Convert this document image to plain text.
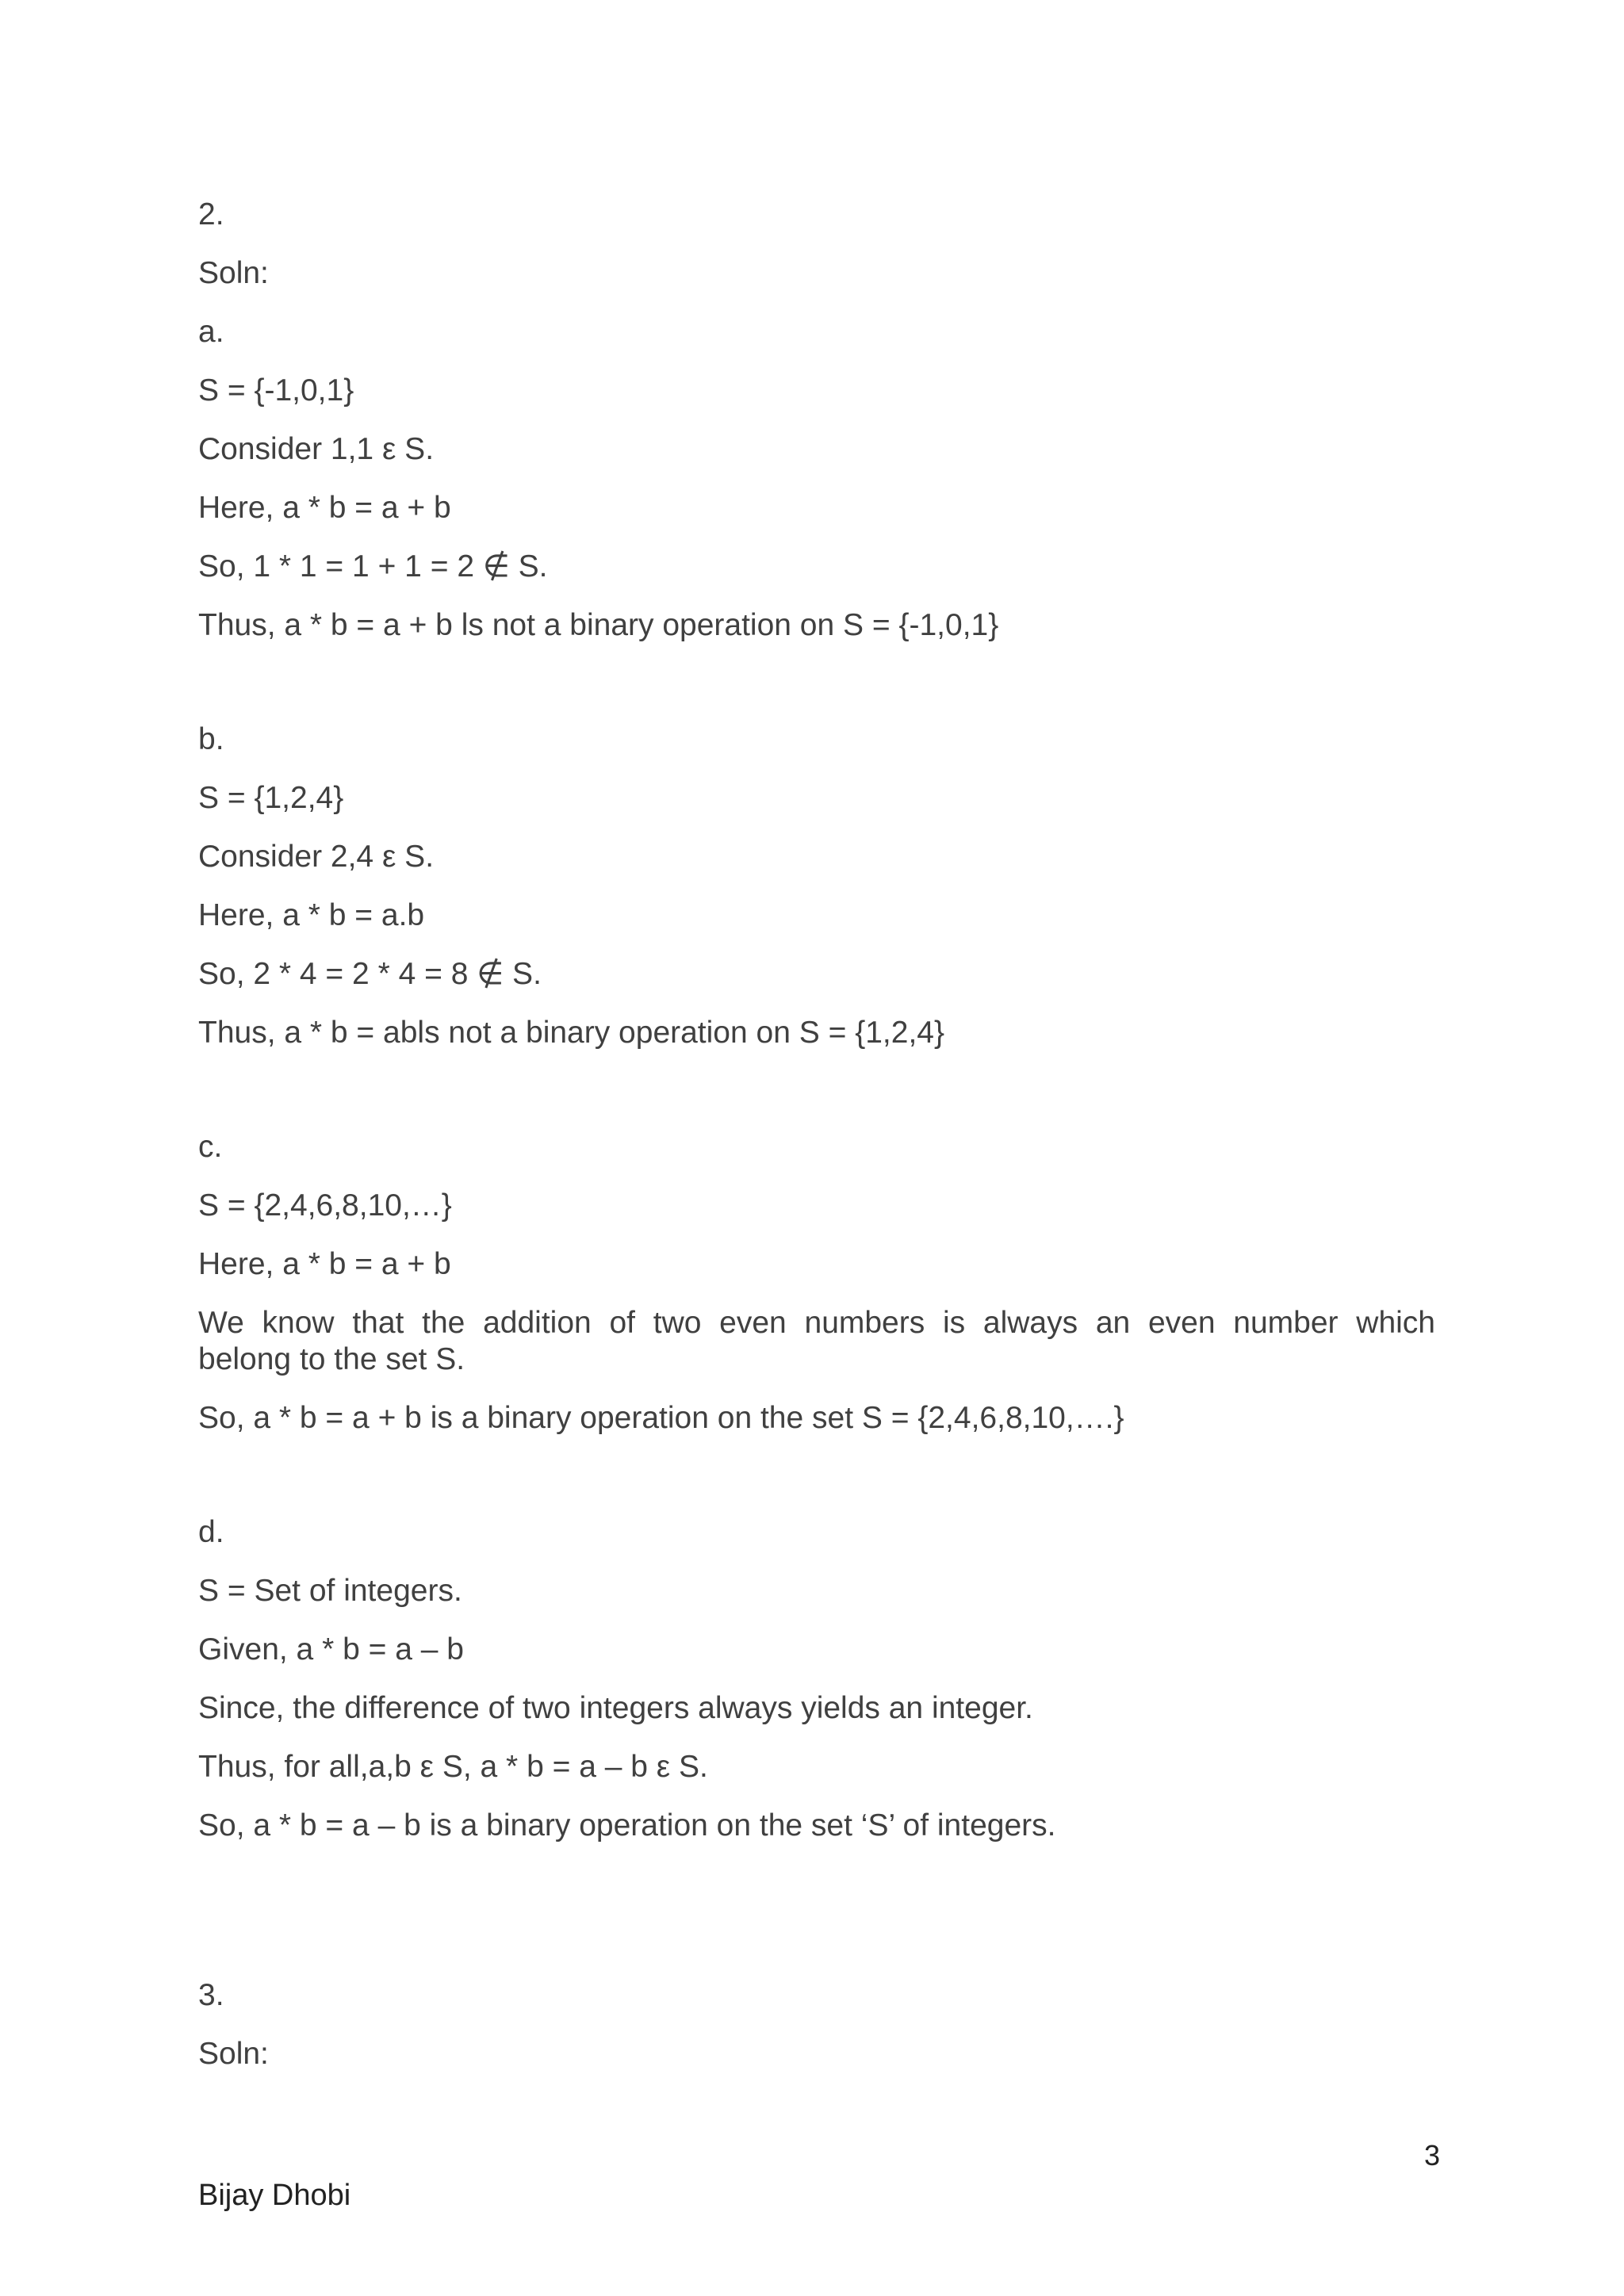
2.
Soln:
a.
S = {-1,0,1}
Consider 1,1 ε S.
Here, a * b = a + b
So, 1 * 1 = 1 + 1 = 2 ∉ S.
Thus, a * b = a + b ls not a binary operation on S = {-1,0,1}
b.
S = {1,2,4}
Consider 2,4 ε S.
Here, a * b = a.b
So, 2 * 4 = 2 * 4 = 8 ∉ S.
Thus, a * b = abls not a binary operation on S = {1,2,4}
c.
S = {2,4,6,8,10,…}
Here, a * b = a + b
We know that the addition of two even numbers is always an even number which
belong to the set S.
So, a * b = a + b is a binary operation on the set S = {2,4,6,8,10,….}
d.
S = Set of integers.
Given, a * b = a – b
Since, the difference of two integers always yields an integer.
Thus, for all,a,b ε S, a * b = a – b ε S.
So, a * b = a – b is a binary operation on the set ‘S’ of integers.
3.
Soln:
3
Bijay Dhobi
